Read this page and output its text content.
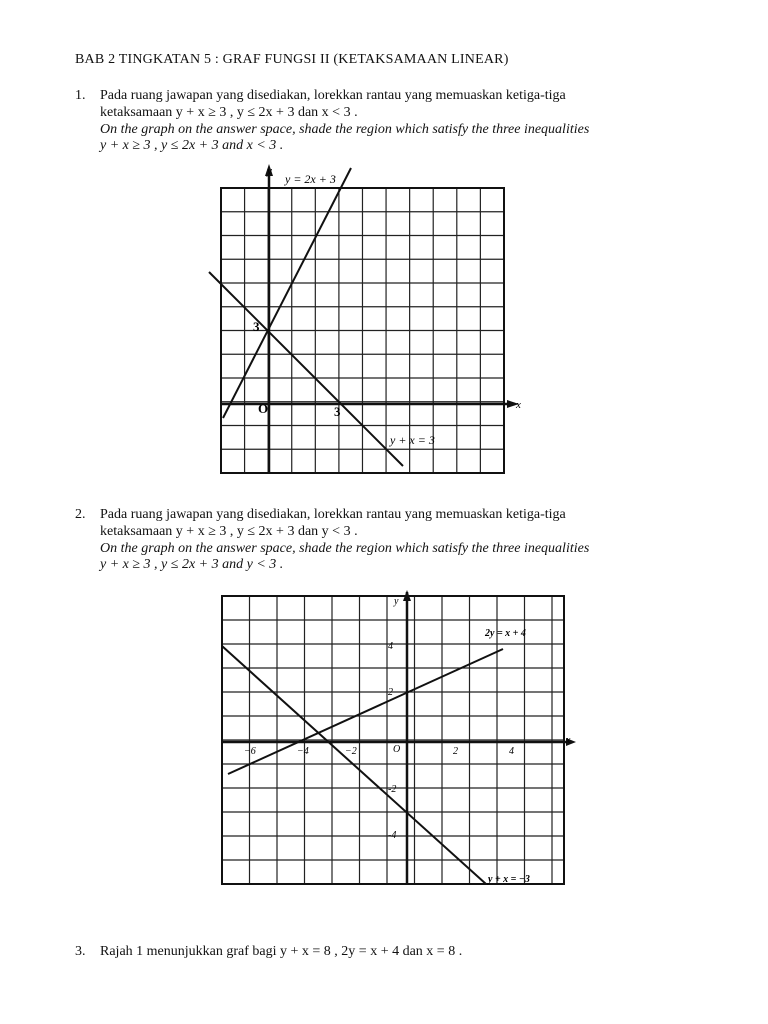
BAB 2 TINGKATAN 5 : GRAF FUNGSI II (KETAKSAMAAN LINEAR)
1. Pada ruang jawapan yang disediakan, lorekkan rantau yang memuaskan ketiga-tiga
ketaksamaan y + x ≥ 3 , y ≤ 2x + 3 dan x < 3 .
On the graph on the answer space, shade the region which satisfy the three inequalities
y + x ≥ 3 , y ≤ 2x + 3 and x < 3 .
y
x
O
3
3
y = 2x + 3
y + x = 3
2. Pada ruang jawapan yang disediakan, lorekkan rantau yang memuaskan ketiga-tiga
ketaksamaan y + x ≥ 3 , y ≤ 2x + 3 dan y < 3 .
On the graph on the answer space, shade the region which satisfy the three inequalities
y + x ≥ 3 , y ≤ 2x + 3 and y < 3 .
y
x
O
−6	−4	−2	2	4
4
2
-2
-4
2y = x + 4
y + x = −3
3. Rajah 1 menunjukkan graf bagi y + x = 8 , 2y = x + 4 dan x = 8 .
